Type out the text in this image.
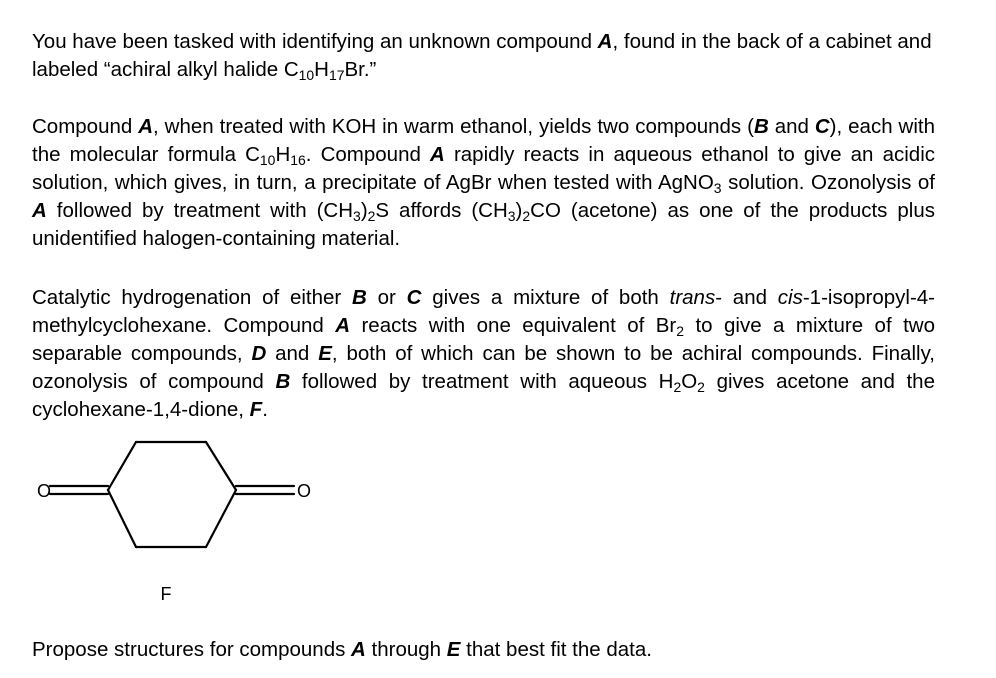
You have been tasked with identifying an unknown compound A, found in the back of a cabinet and labeled “achiral alkyl halide $C_{10}H_{17}Br$.”

Compound A, when treated with KOH in warm ethanol, yields two compounds (B and C), each with the molecular formula $C_{10}H_{16}$. Compound A rapidly reacts in aqueous ethanol to give an acidic solution, which gives, in turn, a precipitate of AgBr when tested with AgNO$_3$ solution. Ozonolysis of A followed by treatment with $(CH_3)_2S$ affords $(CH_3)_2CO$ (acetone) as one of the products plus unidentified halogen-containing material.

Catalytic hydrogenation of either B or C gives a mixture of both trans- and cis-1-isopropyl-4-methylcyclohexane. Compound A reacts with one equivalent of $Br_2$ to give a mixture of two separable compounds, D and E, both of which can be shown to be achiral compounds. Finally, ozonolysis of compound B followed by treatment with aqueous $H_2O_2$ gives acetone and the cyclohexane-1,4-dione, F.

O	O
F

Propose structures for compounds A through E that best fit the data.
